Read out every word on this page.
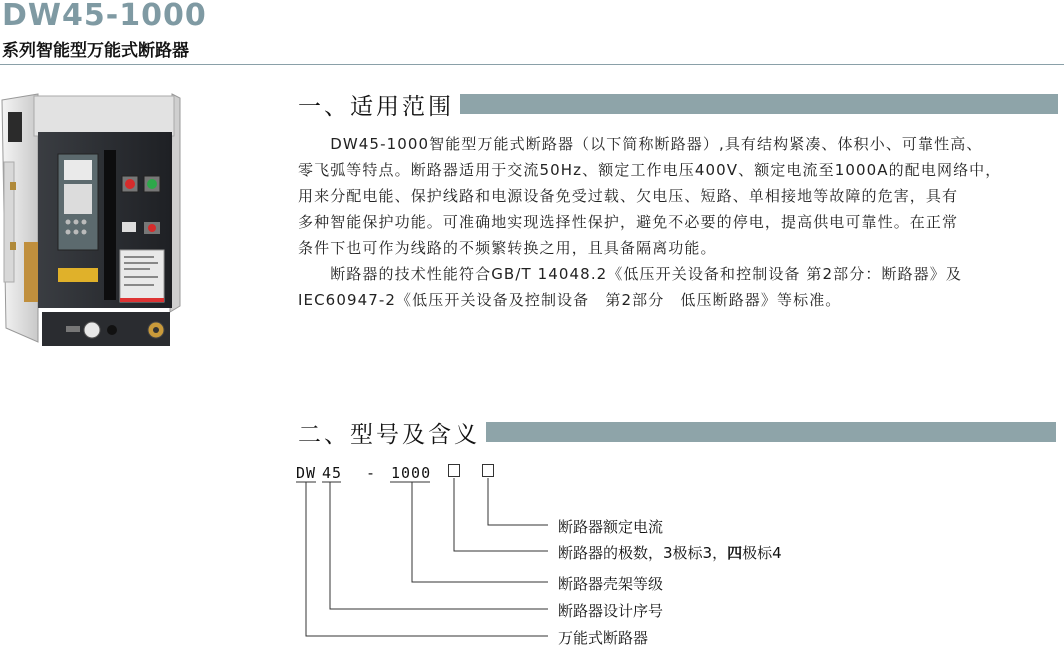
DW45-1000
系列智能型万能式断路器
一、适用范围

　　DW45-1000智能型万能式断路器（以下简称断路器）,具有结构紧凑、体积小、可靠性高、

零飞弧等特点。断路器适用于交流50Hz、额定工作电压400V、额定电流至1000A的配电网络中，

用来分配电能、保护线路和电源设备免受过载、欠电压、短路、单相接地等故障的危害，具有

多种智能保护功能。可准确地实现选择性保护，避免不必要的停电，提高供电可靠性。在正常

条件下也可作为线路的不频繁转换之用，且具备隔离功能。

　　断路器的技术性能符合GB/T 14048.2《低压开关设备和控制设备 第2部分：断路器》及

IEC60947-2《低压开关设备及控制设备　第2部分　低压断路器》等标准。

二、型号及含义
DW 45 - 1000
断路器额定电流
断路器的极数，3极标3，四极标4
断路器壳架等级
断路器设计序号
万能式断路器
